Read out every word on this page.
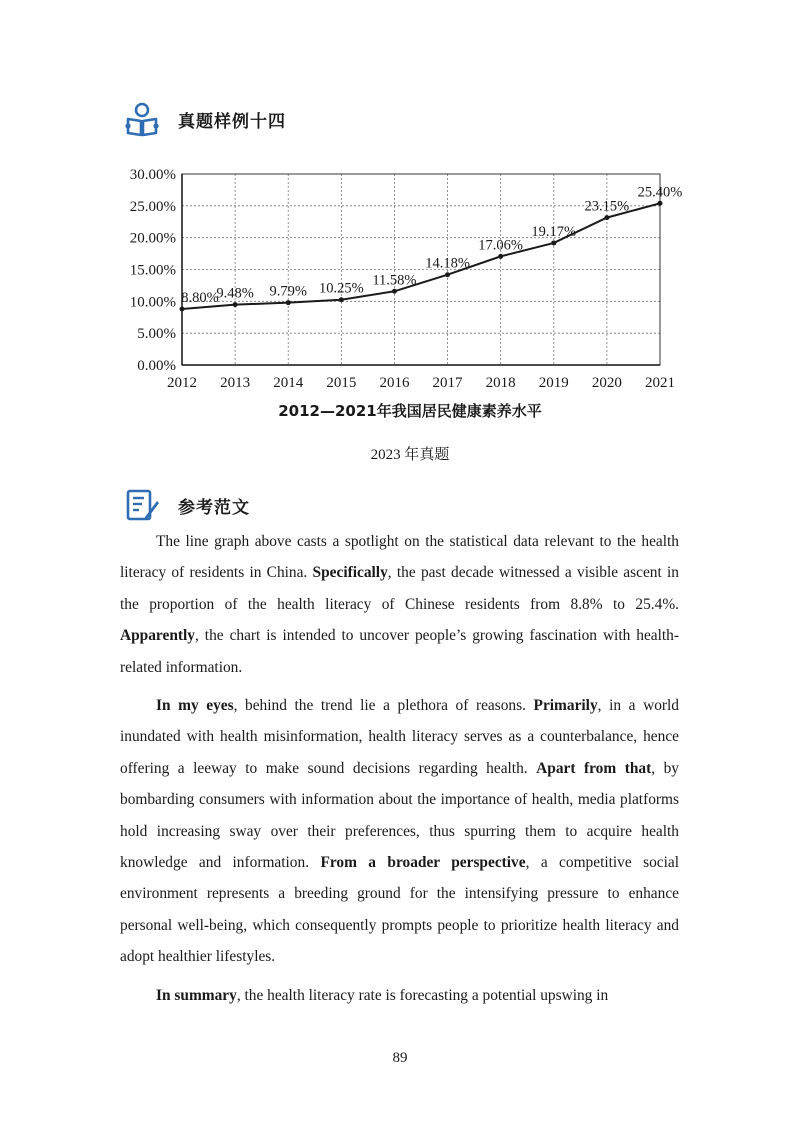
真题样例十四
0.00%
5.00%
10.00%
15.00%
20.00%
25.00%
30.00%
2012 2013 2014 2015 2016 2017 2018 2019 2020 2021
8.80%
9.48% 9.79% 10.25%
11.58%
14.18%
17.06%
19.17%
23.15%
25.40%
2012—2021年我国居民健康素养水平
2023 年真题
参考范文

The line graph above casts a spotlight on the statistical data relevant to the health literacy of residents in China. Specifically, the past decade witnessed a visible ascent in the proportion of the health literacy of Chinese residents from 8.8% to 25.4%. Apparently, the chart is intended to uncover people’s growing fascination with health-related information.

In my eyes, behind the trend lie a plethora of reasons. Primarily, in a world inundated with health misinformation, health literacy serves as a counterbalance, hence offering a leeway to make sound decisions regarding health. Apart from that, by bombarding consumers with information about the importance of health, media platforms hold increasing sway over their preferences, thus spurring them to acquire health knowledge and information. From a broader perspective, a competitive social environment represents a breeding ground for the intensifying pressure to enhance personal well-being, which consequently prompts people to prioritize health literacy and adopt healthier lifestyles.

In summary, the health literacy rate is forecasting a potential upswing in

89
